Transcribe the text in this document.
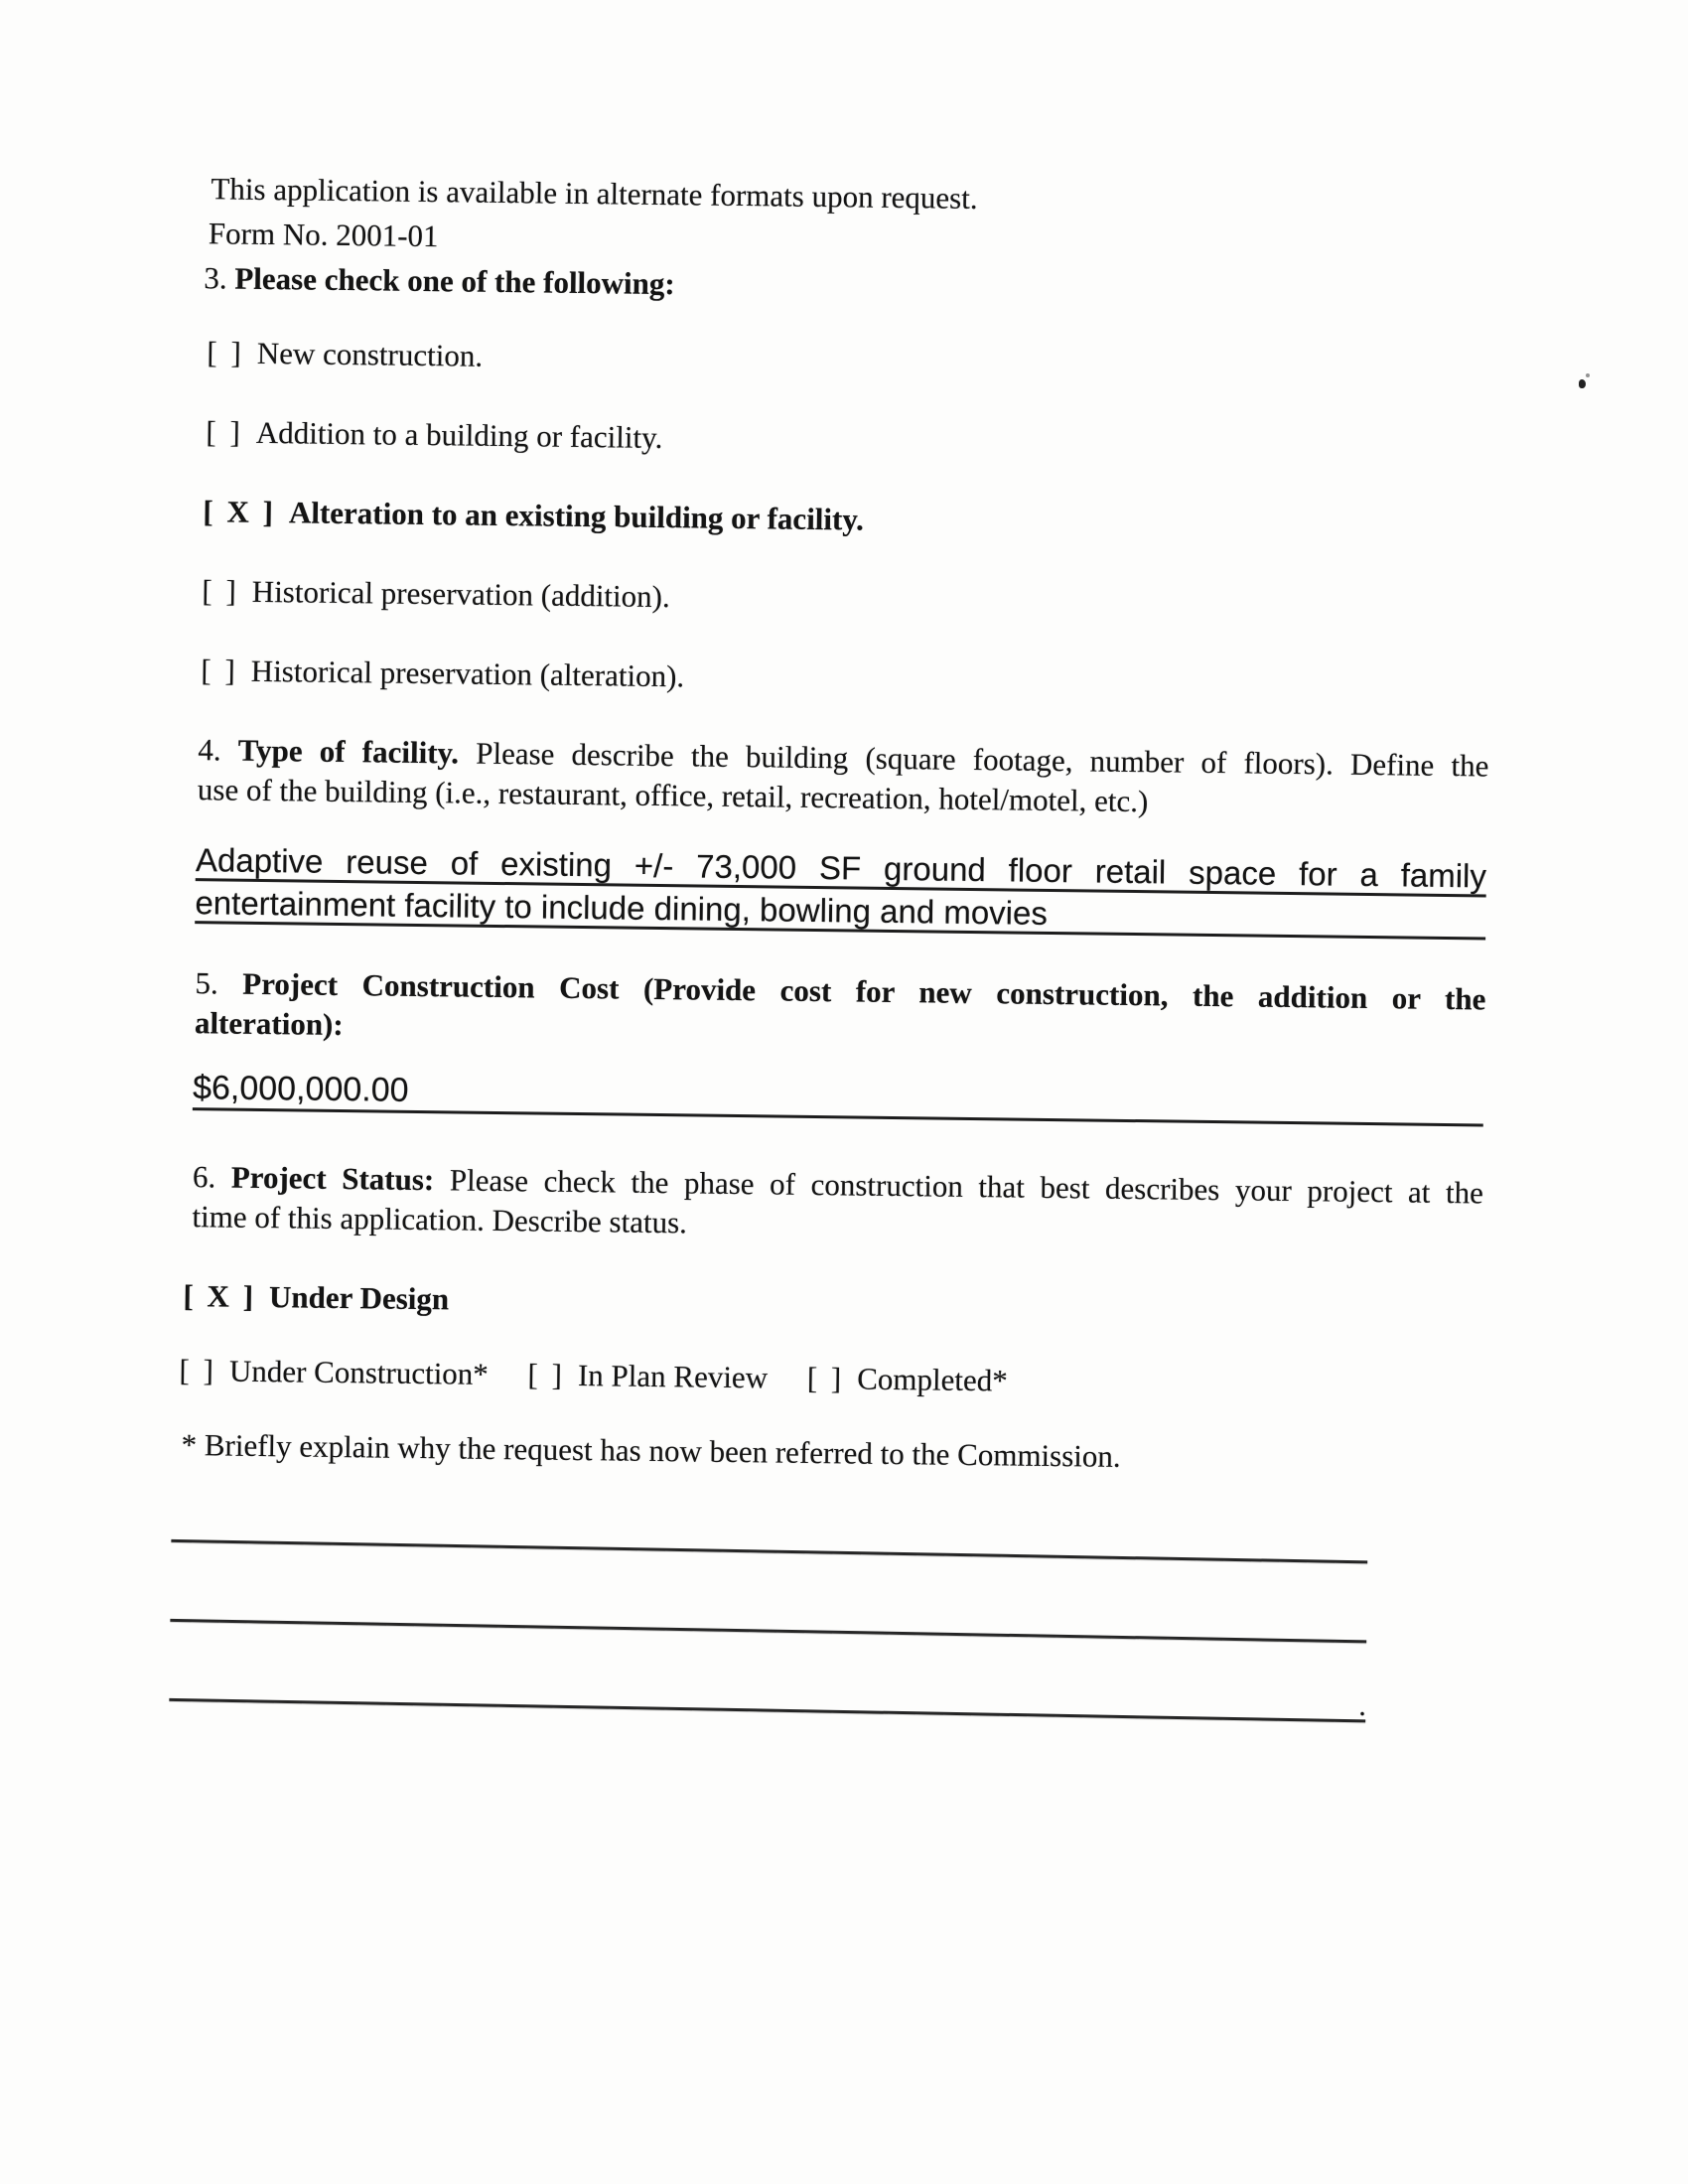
This application is available in alternate formats upon request.
Form No. 2001-01
3. Please check one of the following:
[ ] New construction.
[ ] Addition to a building or facility.
[ X ] Alteration to an existing building or facility.
[ ] Historical preservation (addition).
[ ] Historical preservation (alteration).
4. Type of facility. Please describe the building (square footage, number of floors). Define the
use of the building (i.e., restaurant, office, retail, recreation, hotel/motel, etc.)
Adaptive reuse of existing +/- 73,000 SF ground floor retail space for a family
entertainment facility to include dining, bowling and movies
5. Project Construction Cost (Provide cost for new construction, the addition or the
alteration):
$6,000,000.00
6. Project Status: Please check the phase of construction that best describes your project at the
time of this application. Describe status.
[ X ] Under Design
[ ] Under Construction* [ ] In Plan Review [ ] Completed*
* Briefly explain why the request has now been referred to the Commission.
.
